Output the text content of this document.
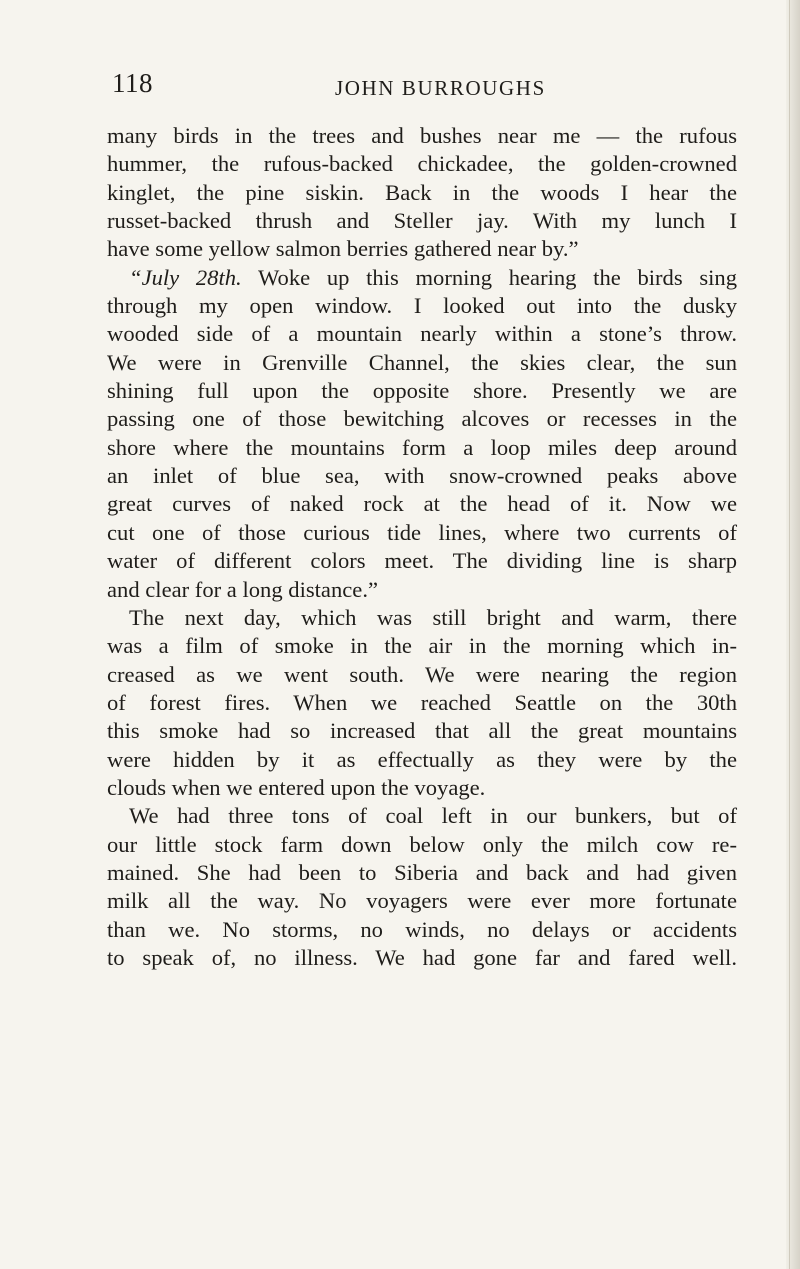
118	JOHN BURROUGHS
many birds in the trees and bushes near me — the rufous
hummer, the rufous-backed chickadee, the golden-crowned
kinglet, the pine siskin. Back in the woods I hear the
russet-backed thrush and Steller jay. With my lunch I
have some yellow salmon berries gathered near by.”
“July 28th. Woke up this morning hearing the birds sing
through my open window. I looked out into the dusky
wooded side of a mountain nearly within a stone’s throw.
We were in Grenville Channel, the skies clear, the sun
shining full upon the opposite shore. Presently we are
passing one of those bewitching alcoves or recesses in the
shore where the mountains form a loop miles deep around
an inlet of blue sea, with snow-crowned peaks above
great curves of naked rock at the head of it. Now we
cut one of those curious tide lines, where two currents of
water of different colors meet. The dividing line is sharp
and clear for a long distance.”
The next day, which was still bright and warm, there
was a film of smoke in the air in the morning which in-
creased as we went south. We were nearing the region
of forest fires. When we reached Seattle on the 30th
this smoke had so increased that all the great mountains
were hidden by it as effectually as they were by the
clouds when we entered upon the voyage.
We had three tons of coal left in our bunkers, but of
our little stock farm down below only the milch cow re-
mained. She had been to Siberia and back and had given
milk all the way. No voyagers were ever more fortunate
than we. No storms, no winds, no delays or accidents
to speak of, no illness. We had gone far and fared well.
